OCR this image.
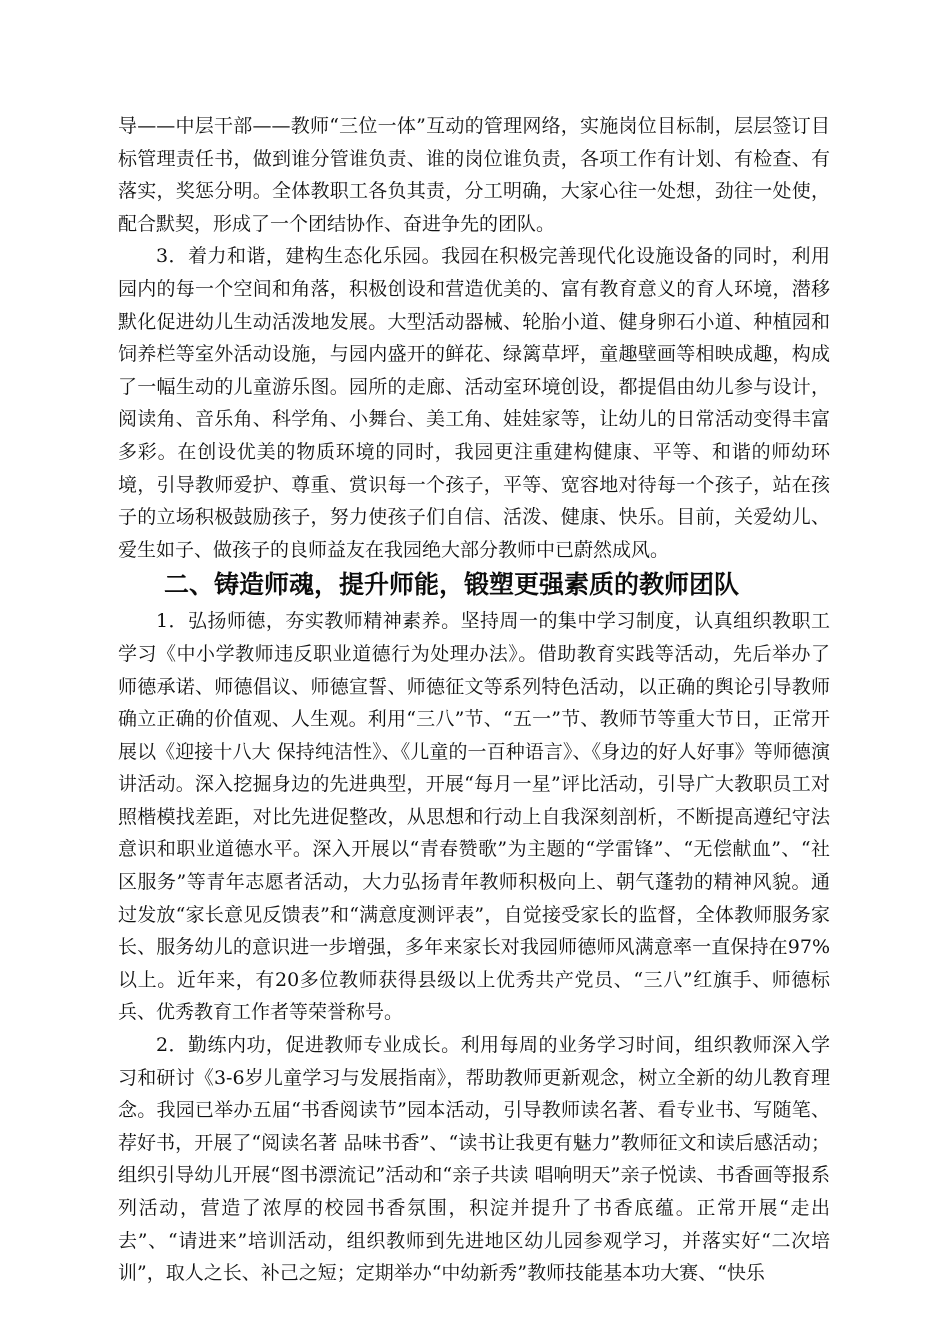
导——中层干部——教师“三位一体”互动的管理网络，实施岗位目标制，层层签订目标管理责任书，做到谁分管谁负责、谁的岗位谁负责，各项工作有计划、有检查、有落实，奖惩分明。全体教职工各负其责，分工明确，大家心往一处想，劲往一处使，配合默契，形成了一个团结协作、奋进争先的团队。

3．着力和谐，建构生态化乐园。我园在积极完善现代化设施设备的同时，利用园内的每一个空间和角落，积极创设和营造优美的、富有教育意义的育人环境，潜移默化促进幼儿生动活泼地发展。大型活动器械、轮胎小道、健身卵石小道、种植园和饲养栏等室外活动设施，与园内盛开的鲜花、绿篱草坪，童趣壁画等相映成趣，构成了一幅生动的儿童游乐图。园所的走廊、活动室环境创设，都提倡由幼儿参与设计，阅读角、音乐角、科学角、小舞台、美工角、娃娃家等，让幼儿的日常活动变得丰富多彩。在创设优美的物质环境的同时，我园更注重建构健康、平等、和谐的师幼环境，引导教师爱护、尊重、赏识每一个孩子，平等、宽容地对待每一个孩子，站在孩子的立场积极鼓励孩子，努力使孩子们自信、活泼、健康、快乐。目前，关爱幼儿、爱生如子、做孩子的良师益友在我园绝大部分教师中已蔚然成风。

二、铸造师魂，提升师能，锻塑更强素质的教师团队

1．弘扬师德，夯实教师精神素养。坚持周一的集中学习制度，认真组织教职工学习《中小学教师违反职业道德行为处理办法》。借助教育实践等活动，先后举办了师德承诺、师德倡议、师德宣誓、师德征文等系列特色活动，以正确的舆论引导教师确立正确的价值观、人生观。利用“三八”节、“五一”节、教师节等重大节日，正常开展以《迎接十八大 保持纯洁性》、《儿童的一百种语言》、《身边的好人好事》等师德演讲活动。深入挖掘身边的先进典型，开展“每月一星”评比活动，引导广大教职员工对照楷模找差距，对比先进促整改，从思想和行动上自我深刻剖析，不断提高遵纪守法意识和职业道德水平。深入开展以“青春赞歌”为主题的“学雷锋”、“无偿献血”、“社区服务”等青年志愿者活动，大力弘扬青年教师积极向上、朝气蓬勃的精神风貌。通过发放“家长意见反馈表”和“满意度测评表”，自觉接受家长的监督，全体教师服务家长、服务幼儿的意识进一步增强，多年来家长对我园师德师风满意率一直保持在97%以上。近年来，有20多位教师获得县级以上优秀共产党员、“三八”红旗手、师德标兵、优秀教育工作者等荣誉称号。

2．勤练内功，促进教师专业成长。利用每周的业务学习时间，组织教师深入学习和研讨《3-6岁儿童学习与发展指南》，帮助教师更新观念，树立全新的幼儿教育理念。我园已举办五届“书香阅读节”园本活动，引导教师读名著、看专业书、写随笔、荐好书，开展了“阅读名著 品味书香”、“读书让我更有魅力”教师征文和读后感活动；组织引导幼儿开展“图书漂流记”活动和“亲子共读 唱响明天”亲子悦读、书香画等报系列活动，营造了浓厚的校园书香氛围，积淀并提升了书香底蕴。正常开展“走出去”、“请进来”培训活动，组织教师到先进地区幼儿园参观学习，并落实好“二次培训”，取人之长、补己之短；定期举办“中幼新秀”教师技能基本功大赛、“快乐
